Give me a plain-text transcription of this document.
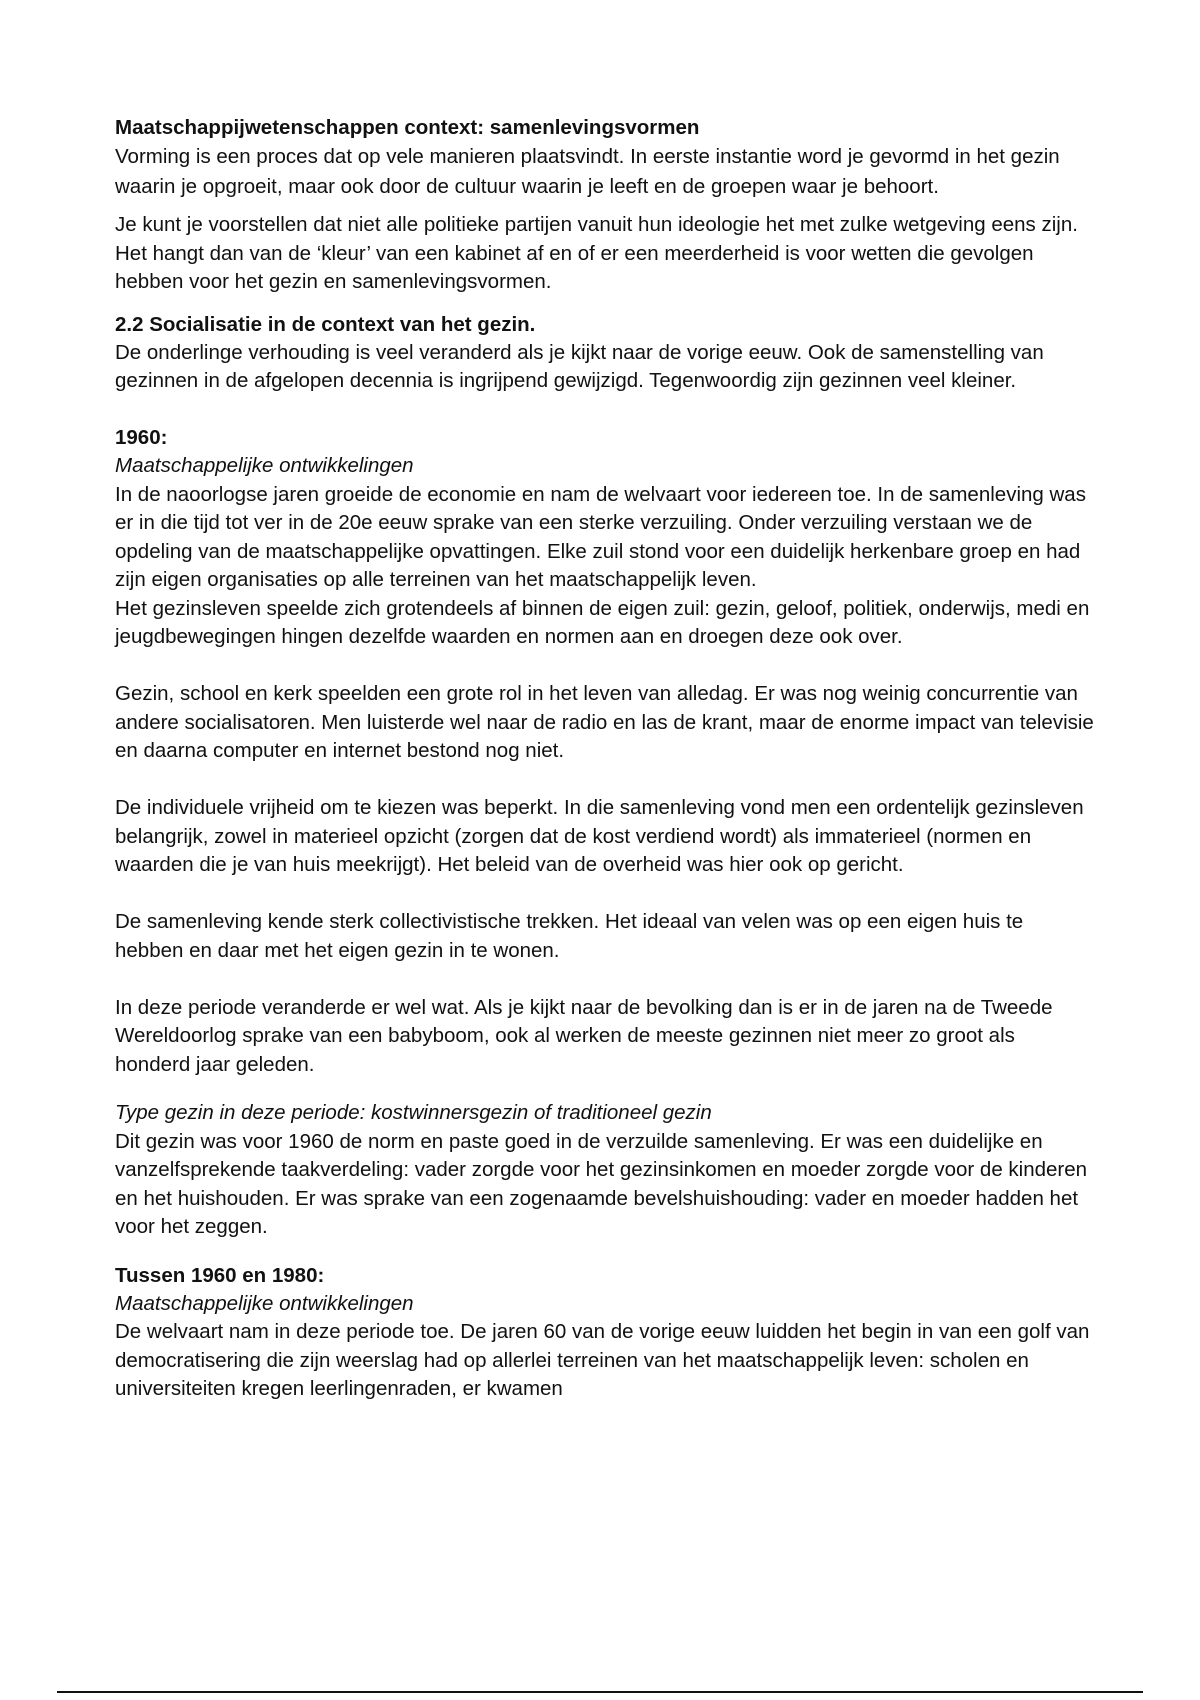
Maatschappijwetenschappen context: samenlevingsvormen

Vorming is een proces dat op vele manieren plaatsvindt. In eerste instantie word je gevormd in het gezin waarin je opgroeit, maar ook door de cultuur waarin je leeft en de groepen waar je behoort.

Je kunt je voorstellen dat niet alle politieke partijen vanuit hun ideologie het met zulke wetgeving eens zijn. Het hangt dan van de ‘kleur’ van een kabinet af en of er een meerderheid is voor wetten die gevolgen hebben voor het gezin en samenlevingsvormen.

2.2 Socialisatie in de context van het gezin.

De onderlinge verhouding is veel veranderd als je kijkt naar de vorige eeuw. Ook de samenstelling van gezinnen in de afgelopen decennia is ingrijpend gewijzigd. Tegenwoordig zijn gezinnen veel kleiner.

1960:

Maatschappelijke ontwikkelingen

In de naoorlogse jaren groeide de economie en nam de welvaart voor iedereen toe. In de samenleving was er in die tijd tot ver in de 20e eeuw sprake van een sterke verzuiling. Onder verzuiling verstaan we de opdeling van de maatschappelijke opvattingen. Elke zuil stond voor een duidelijk herkenbare groep en had zijn eigen organisaties op alle terreinen van het maatschappelijk leven.

Het gezinsleven speelde zich grotendeels af binnen de eigen zuil: gezin, geloof, politiek, onderwijs, medi en jeugdbewegingen hingen dezelfde waarden en normen aan en droegen deze ook over.

Gezin, school en kerk speelden een grote rol in het leven van alledag. Er was nog weinig concurrentie van andere socialisatoren. Men luisterde wel naar de radio en las de krant, maar de enorme impact van televisie en daarna computer en internet bestond nog niet.

De individuele vrijheid om te kiezen was beperkt. In die samenleving vond men een ordentelijk gezinsleven belangrijk, zowel in materieel opzicht (zorgen dat de kost verdiend wordt) als immaterieel (normen en waarden die je van huis meekrijgt). Het beleid van de overheid was hier ook op gericht.

De samenleving kende sterk collectivistische trekken. Het ideaal van velen was op een eigen huis te hebben en daar met het eigen gezin in te wonen.

In deze periode veranderde er wel wat. Als je kijkt naar de bevolking dan is er in de jaren na de Tweede Wereldoorlog sprake van een babyboom, ook al werken de meeste gezinnen niet meer zo groot als honderd jaar geleden.

Type gezin in deze periode: kostwinnersgezin of traditioneel gezin

Dit gezin was voor 1960 de norm en paste goed in de verzuilde samenleving. Er was een duidelijke en vanzelfsprekende taakverdeling: vader zorgde voor het gezinsinkomen en moeder zorgde voor de kinderen en het huishouden. Er was sprake van een zogenaamde bevelshuishouding: vader en moeder hadden het voor het zeggen.

Tussen 1960 en 1980:

Maatschappelijke ontwikkelingen

De welvaart nam in deze periode toe. De jaren 60 van de vorige eeuw luidden het begin in van een golf van democratisering die zijn weerslag had op allerlei terreinen van het maatschappelijk leven: scholen en universiteiten kregen leerlingenraden, er kwamen
